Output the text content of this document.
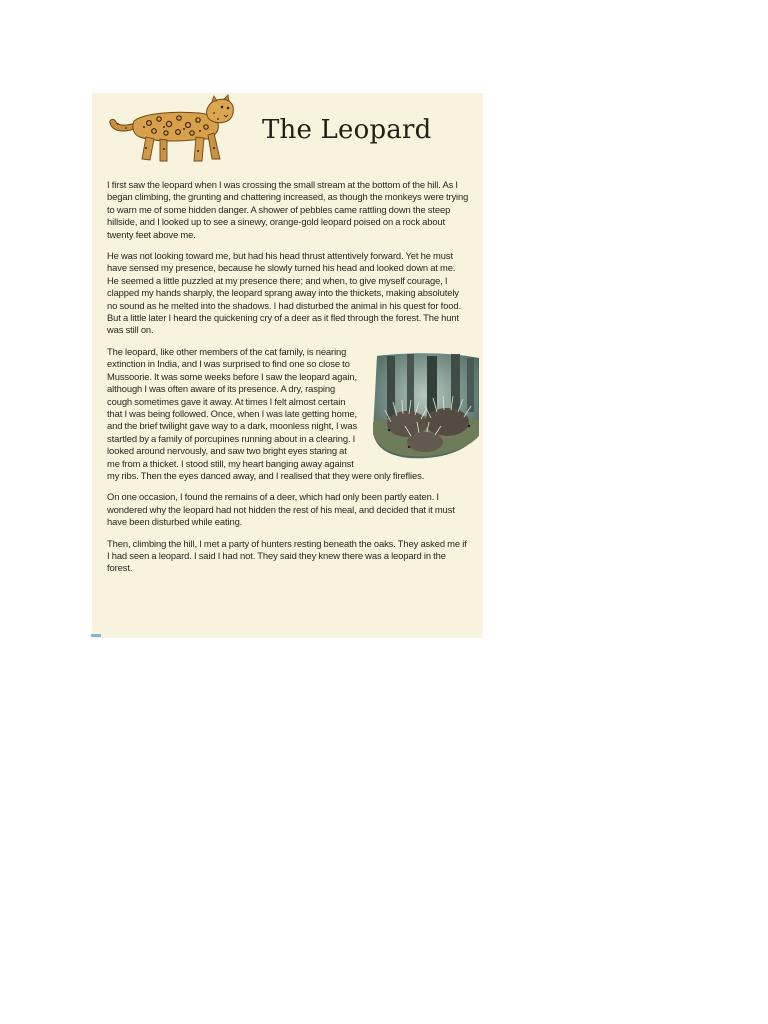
The Leopard

I first saw the leopard when I was crossing the small stream at the bottom of the hill. As I began climbing, the grunting and chattering increased, as though the monkeys were trying to warn me of some hidden danger. A shower of pebbles came rattling down the steep hillside, and I looked up to see a sinewy, orange-gold leopard poised on a rock about twenty feet above me.

He was not looking toward me, but had his head thrust attentively forward. Yet he must have sensed my presence, because he slowly turned his head and looked down at me. He seemed a little puzzled at my presence there; and when, to give myself courage, I clapped my hands sharply, the leopard sprang away into the thickets, making absolutely no sound as he melted into the shadows. I had disturbed the animal in his quest for food. But a little later I heard the quickening cry of a deer as it fled through the forest. The hunt was still on.

The leopard, like other members of the cat family, is nearing extinction in India, and I was surprised to find one so close to Mussoorie. It was some weeks before I saw the leopard again, although I was often aware of its presence. A dry, rasping cough sometimes gave it away. At times I felt almost certain that I was being followed. Once, when I was late getting home, and the brief twilight gave way to a dark, moonless night, I was startled by a family of porcupines running about in a clearing. I looked around nervously, and saw two bright eyes staring at me from a thicket. I stood still, my heart banging away against my ribs. Then the eyes danced away, and I realised that they were only fireflies.

On one occasion, I found the remains of a deer, which had only been partly eaten. I wondered why the leopard had not hidden the rest of his meal, and decided that it must have been disturbed while eating.

Then, climbing the hill, I met a party of hunters resting beneath the oaks. They asked me if I had seen a leopard. I said I had not. They said they knew there was a leopard in the forest.
